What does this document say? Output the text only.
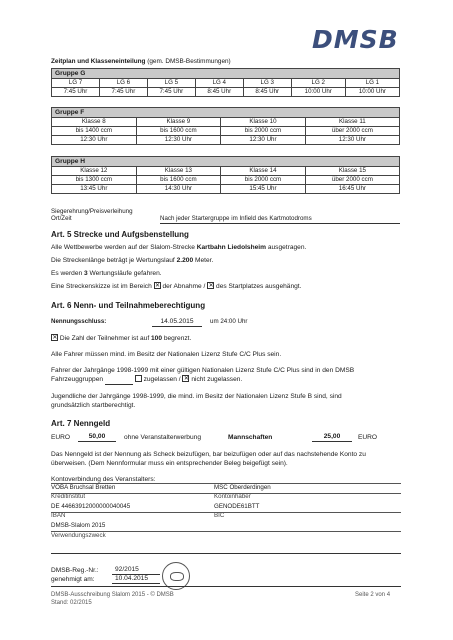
DMSB
Zeitplan und Klasseneinteilung (gem. DMSB-Bestimmungen)
Gruppe G						
LG 7	LG 6	LG 5	LG 4	LG 3	LG 2	LG 1
7:45 Uhr	7:45 Uhr	7:45 Uhr	8:45 Uhr	8:45 Uhr	10:00 Uhr	10:00 Uhr
Gruppe F			
Klasse 8	Klasse 9	Klasse 10	Klasse 11
bis 1400 ccm	bis 1600 ccm	bis 2000 ccm	über 2000 ccm
12:30 Uhr	12:30 Uhr	12:30 Uhr	12:30 Uhr
Gruppe H			
Klasse 12	Klasse 13	Klasse 14	Klasse 15
bis 1300 ccm	bis 1600 ccm	bis 2000 ccm	über 2000 ccm
13:45 Uhr	14:30 Uhr	15:45 Uhr	16:45 Uhr
Siegerehrung/Preisverleihung
Ort/Zeit	Nach jeder Startergruppe im Infield des Kartmotodroms
Art. 5 Strecke und Aufgsbenstellung
Alle Wettbewerbe werden auf der Slalom-Strecke Kartbahn Liedolsheim ausgetragen.
Die Streckenlänge beträgt je Wertungslauf 2.200 Meter.
Es werden 3 Wertungsläufe gefahren.
Eine Streckenskizze ist im Bereich ✕ der Abnahme / ✕ des Startplatzes ausgehängt.
Art. 6 Nenn- und Teilnahmeberechtigung
Nennungsschluss:	14.05.2015	um 24:00 Uhr
✕ Die Zahl der Teilnehmer ist auf 100 begrenzt.
Alle Fahrer müssen mind. im Besitz der Nationalen Lizenz Stufe C/C Plus sein.
Fahrer der Jahrgänge 1998-1999 mit einer gültigen Nationalen Lizenz Stufe C/C Plus sind in den DMSB
Fahrzeuggruppen	zugelassen / ✕ nicht zugelassen.
Jugendliche der Jahrgänge 1998-1999, die mind. im Besitz der Nationalen Lizenz Stufe B sind, sind
grundsätzlich startberechtigt.
Art. 7 Nenngeld
EURO	50,00	ohne Veranstalterwerbung	Mannschaften	25,00	EURO
Das Nenngeld ist der Nennung als Scheck beizufügen, bar beizufügen oder auf das nachstehende Konto zu
überweisen. (Dem Nennformular muss ein entsprechender Beleg beigefügt sein).
Kontoverbindung des Veranstalters:
VOBA Bruchsal Bretten	MSC Oberderdingen
Kreditinstitut	Kontoinhaber
DE 44663912000000040045	GENODE61BTT
IBAN	BIC
DMSB-Slalom 2015
Verwendungszweck
DMSB-Reg.-Nr.:	92/2015
genehmigt am:	10.04.2015
DMSB-Ausschreibung Slalom 2015 - © DMSB
Stand: 02/2015
Seite 2 von 4
